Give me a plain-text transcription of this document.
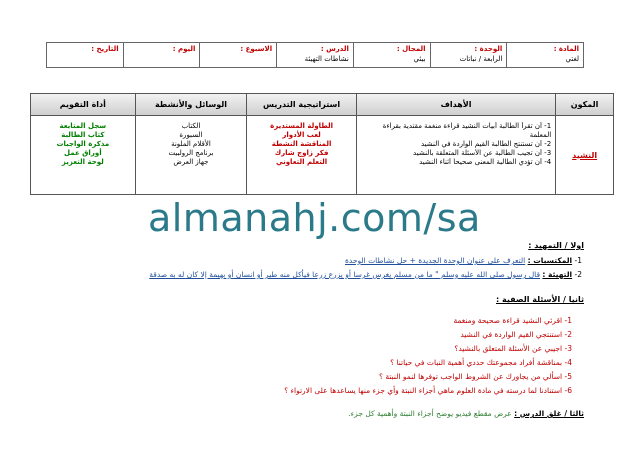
المادة :
لغتي
الوحدة :
الرابعة / نباتات
المجال :
بيئي
الدرس :
نشاطات التهيئة
الاسبوع :
اليوم :
التاريخ :
المكون
الأهداف
استراتيجية التدريس
الوسائل والأنشطة
أداة التقويم
النشيد
1- أن تقرأ الطالبة أبيات النشيد قراءة منغمة مقتدية بقراءة
المعلمة
2- أن تستنتج الطالبة القيم الواردة في النشيد
3- أن تجيب الطالبة عن الأسئلة المتعلقة بالنشيد
4- أن تؤدي الطالبة المعنى صحيحا أثناء النشيد
الطاولة المستديرة
لعب الأدوار
المناقشة النشطة
فكر زاوج شارك
التعلم التعاوني
الكتاب
السبورة
الأقلام الملونة
برنامج الرولبيت
جهاز العرض
سجل المتابعة
كتاب الطالبة
مذكرة الواجبات
أوراق عمل
لوحة التعزيز
almanahj.com/sa
اولا / التمهيد :
1- المكتسبات : التعرف على عنوان الوحدة الجديدة + حل نشاطات الوحدة
2- التهيئة : قال رسول صلى الله عليه وسلم " ما من مسلم يغرس غرسا أو يزرع زرعا فيأكل منه طير أو انسان أو بهيمة إلا كان له به صدقة
ثانيا / الأسئلة الصفية :
1- اقرئي النشيد قراءة صحيحة ومنغمة
2- استنتجي القيم الواردة في النشيد
3- اجيبي عن الأسئلة المتعلق بالنشيد؟
4- بمناقشة أفراد مجموعتك حددي أهمية النبات في حياتنا ؟
5- اسألي من يجاورك عن الشروط الواجب توفرها لنمو النبتة ؟
6- استنادنا لما درسته في مادة العلوم ماهي أجزاء النبتة وأي جزء منها يساعدها على الارتواء ؟
ثالثا / غلق الدرس : عرض مقطع فيديو يوضح أجزاء النبتة وأهمية كل جزء.
